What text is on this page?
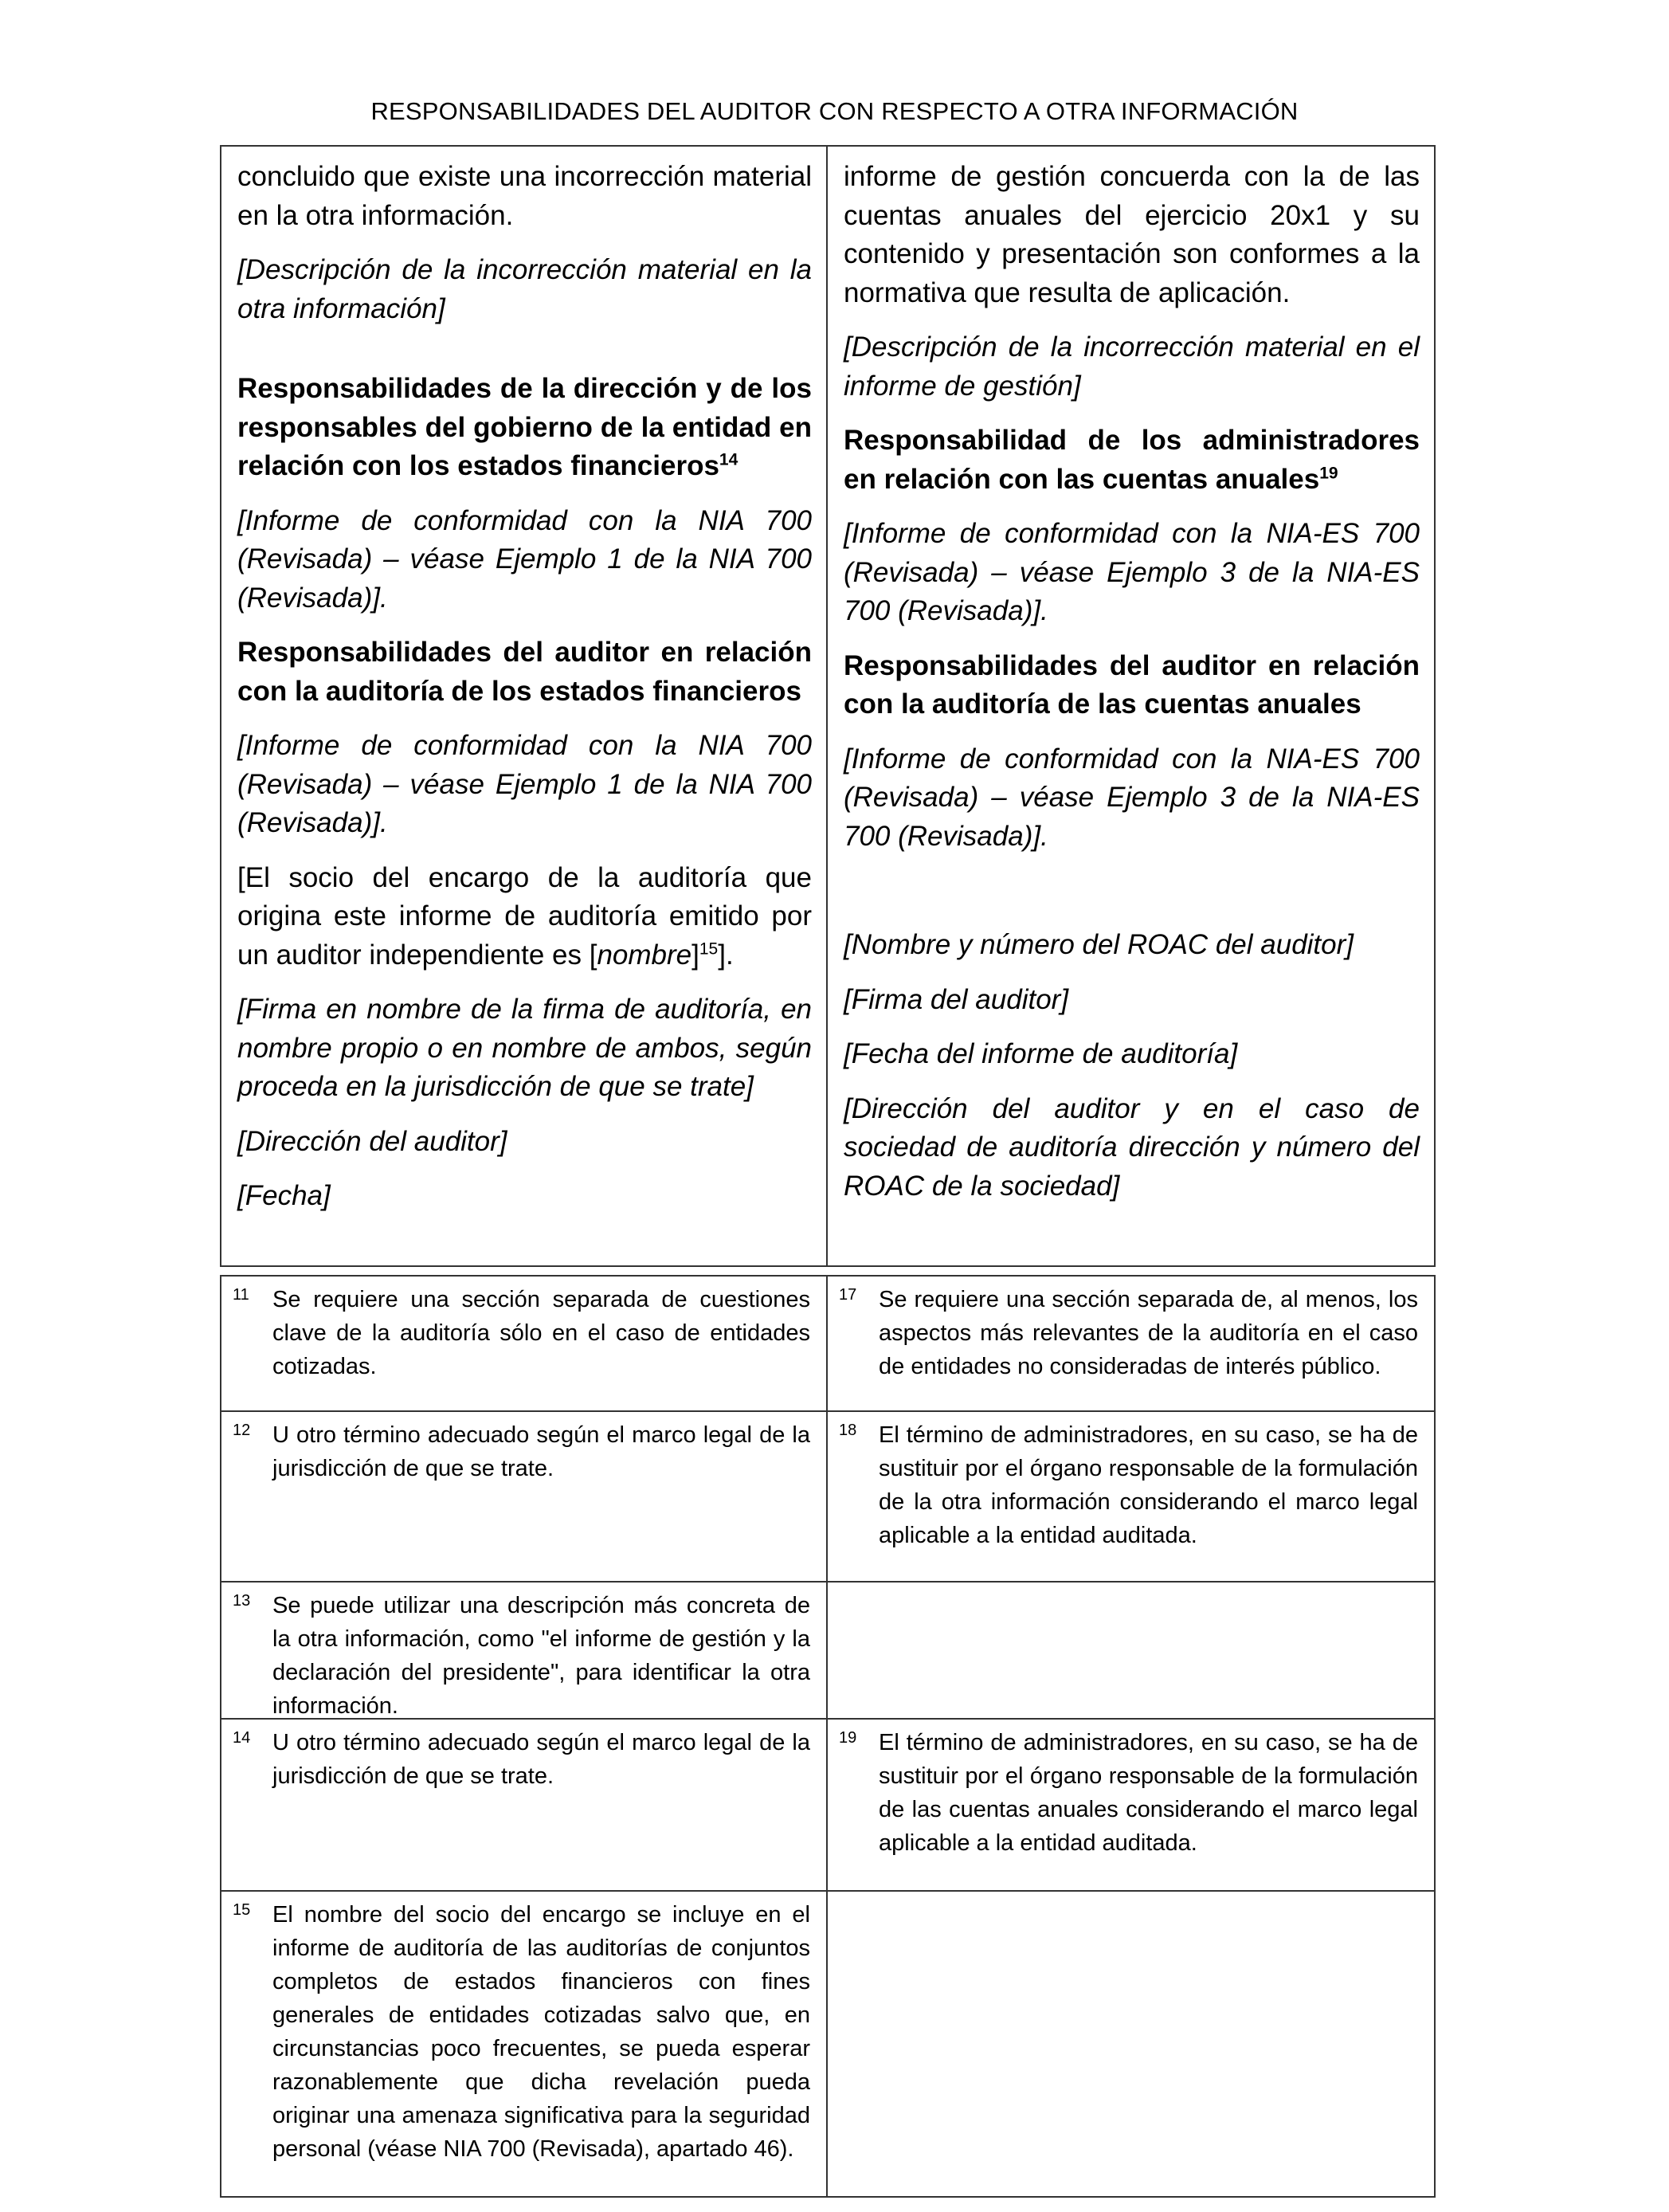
RESPONSABILIDADES DEL AUDITOR CON RESPECTO A OTRA INFORMACIÓN

concluido que existe una incorrección material en la otra información.

[Descripción de la incorrección material en la otra información]

Responsabilidades de la dirección y de los responsables del gobierno de la entidad en relación con los estados financieros$^{14}$

[Informe de conformidad con la NIA 700 (Revisada) – véase Ejemplo 1 de la NIA 700 (Revisada)].

Responsabilidades del auditor en relación con la auditoría de los estados financieros

[Informe de conformidad con la NIA 700 (Revisada) – véase Ejemplo 1 de la NIA 700 (Revisada)].

[El socio del encargo de la auditoría que origina este informe de auditoría emitido por un auditor independiente es [nombre]$^{15}$].

[Firma en nombre de la firma de auditoría, en nombre propio o en nombre de ambos, según proceda en la jurisdicción de que se trate]

[Dirección del auditor]

[Fecha]

informe de gestión concuerda con la de las cuentas anuales del ejercicio 20x1 y su contenido y presentación son conformes a la normativa que resulta de aplicación.

[Descripción de la incorrección material en el informe de gestión]

Responsabilidad de los administradores en relación con las cuentas anuales$^{19}$

[Informe de conformidad con la NIA-ES 700 (Revisada) – véase Ejemplo 3 de la NIA-ES 700 (Revisada)].

Responsabilidades del auditor en relación con la auditoría de las cuentas anuales

[Informe de conformidad con la NIA-ES 700 (Revisada) – véase Ejemplo 3 de la NIA-ES 700 (Revisada)].

[Nombre y número del ROAC del auditor]

[Firma del auditor]

[Fecha del informe de auditoría]

[Dirección del auditor y en el caso de sociedad de auditoría dirección y número del ROAC de la sociedad]

11	Se requiere una sección separada de cuestiones clave de la auditoría sólo en el caso de entidades cotizadas.
17 Se requiere una sección separada de, al menos, los aspectos más relevantes de la auditoría en el caso de entidades no consideradas de interés público.
12 U otro término adecuado según el marco legal de la jurisdicción de que se trate.
18 El término de administradores, en su caso, se ha de sustituir por el órgano responsable de la formulación de la otra información considerando el marco legal aplicable a la entidad auditada.
13 Se puede utilizar una descripción más concreta de la otra información, como "el informe de gestión y la declaración del presidente", para identificar la otra información.
14 U otro término adecuado según el marco legal de la jurisdicción de que se trate.
19 El término de administradores, en su caso, se ha de sustituir por el órgano responsable de la formulación de las cuentas anuales considerando el marco legal aplicable a la entidad auditada.
15 El nombre del socio del encargo se incluye en el informe de auditoría de las auditorías de conjuntos completos de estados financieros con fines generales de entidades cotizadas salvo que, en circunstancias poco frecuentes, se pueda esperar razonablemente que dicha revelación pueda originar una amenaza significativa para la seguridad personal (véase NIA 700 (Revisada), apartado 46).
